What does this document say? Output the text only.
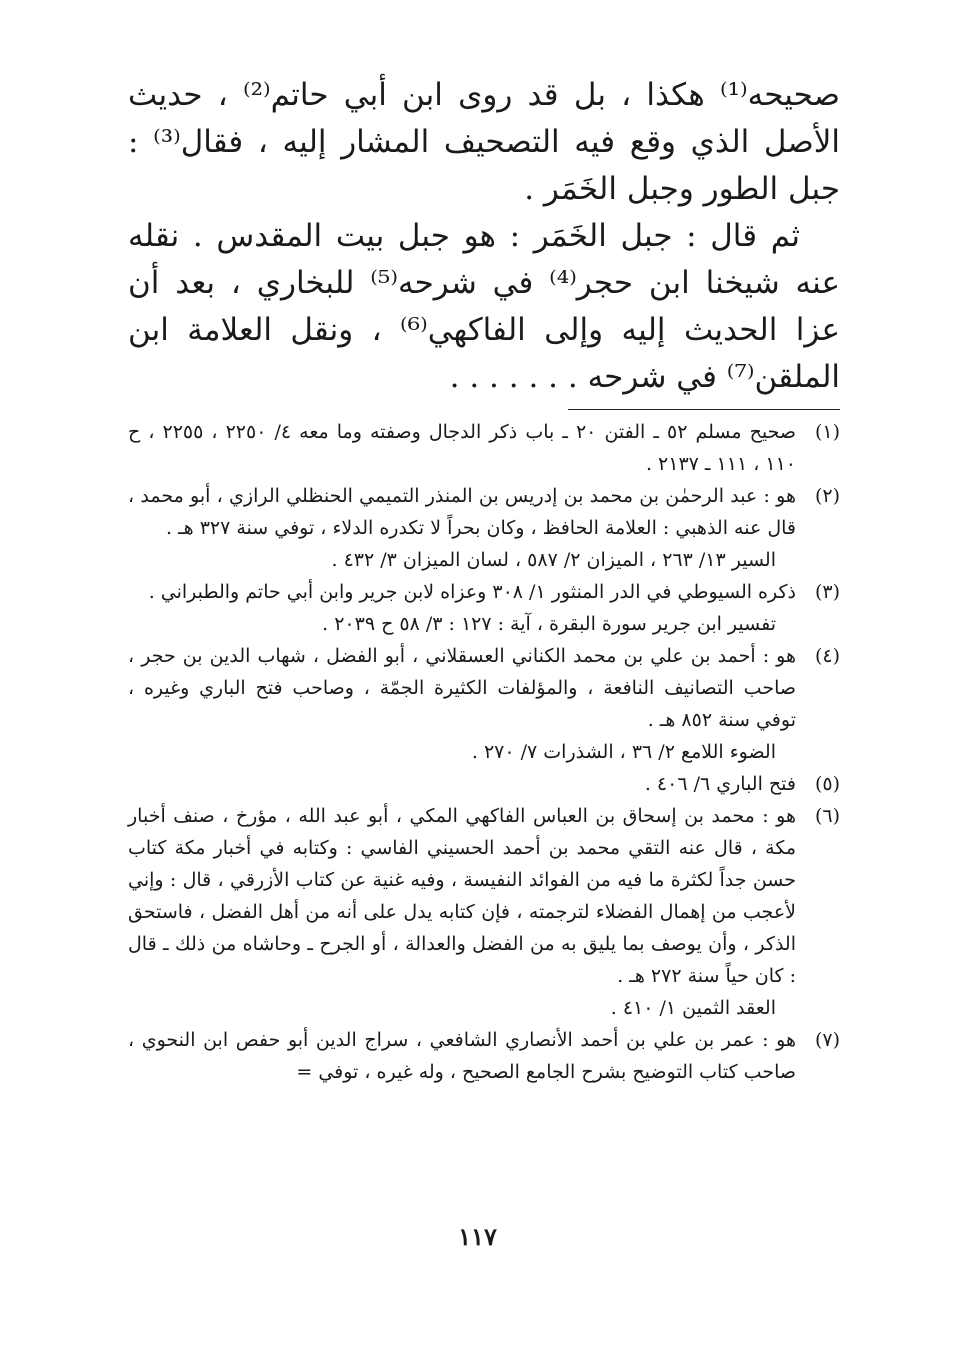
صحيحه⁽¹⁾ هكذا ، بل قد روى ابن أبي حاتم⁽²⁾ ، حديث الأصل الذي وقع فيه التصحيف المشار إليه ، فقال⁽³⁾ : جبل الطور وجبل الخَمَر .

ثم قال : جبل الخَمَر : هو جبل بيت المقدس . نقله عنه شيخنا ابن حجر⁽⁴⁾ في شرحه⁽⁵⁾ للبخاري ، بعد أن عزا الحديث إليه وإلى الفاكهي⁽⁶⁾ ، ونقل العلامة ابن الملقن⁽⁷⁾ في شرحه . . . . . . .

(١)

صحيح مسلم ٥٢ ـ الفتن ٢٠ ـ باب ذكر الدجال وصفته وما معه ٤/ ٢٢٥٠ ، ٢٢٥٥ ، ح ١١٠ ، ١١١ ـ ٢١٣٧ .

(٢)

هو : عبد الرحمٰن بن محمد بن إدريس بن المنذر التميمي الحنظلي الرازي ، أبو محمد ، قال عنه الذهبي : العلامة الحافظ ، وكان بحراً لا تكدره الدلاء ، توفي سنة ٣٢٧ هـ .

السير ١٣/ ٢٦٣ ، الميزان ٢/ ٥٨٧ ، لسان الميزان ٣/ ٤٣٢ .

(٣)

ذكره السيوطي في الدر المنثور ١/ ٣٠٨ وعزاه لابن جرير وابن أبي حاتم والطبراني .

تفسير ابن جرير سورة البقرة ، آية : ١٢٧ : ٣/ ٥٨ ح ٢٠٣٩ .

(٤)

هو : أحمد بن علي بن محمد الكناني العسقلاني ، أبو الفضل ، شهاب الدين بن حجر ، صاحب التصانيف النافعة ، والمؤلفات الكثيرة الجمّة ، وصاحب فتح الباري وغيره ، توفي سنة ٨٥٢ هـ .

الضوء اللامع ٢/ ٣٦ ، الشذرات ٧/ ٢٧٠ .

(٥)

فتح الباري ٦/ ٤٠٦ .

(٦)

هو : محمد بن إسحاق بن العباس الفاكهي المكي ، أبو عبد الله ، مؤرخ ، صنف أخبار مكة ، قال عنه التقي محمد بن أحمد الحسيني الفاسي : وكتابه في أخبار مكة كتاب حسن جداً لكثرة ما فيه من الفوائد النفيسة ، وفيه غنية عن كتاب الأزرقي ، قال : وإني لأعجب من إهمال الفضلاء لترجمته ، فإن كتابه يدل على أنه من أهل الفضل ، فاستحق الذكر ، وأن يوصف بما يليق به من الفضل والعدالة ، أو الجرح ـ وحاشاه من ذلك ـ قال : كان حياً سنة ٢٧٢ هـ .

العقد الثمين ١/ ٤١٠ .

(٧)

هو : عمر بن علي بن أحمد الأنصاري الشافعي ، سراج الدين أبو حفص ابن النحوي ، صاحب كتاب التوضيح بشرح الجامع الصحيح ، وله غيره ، توفي =

١١٧
